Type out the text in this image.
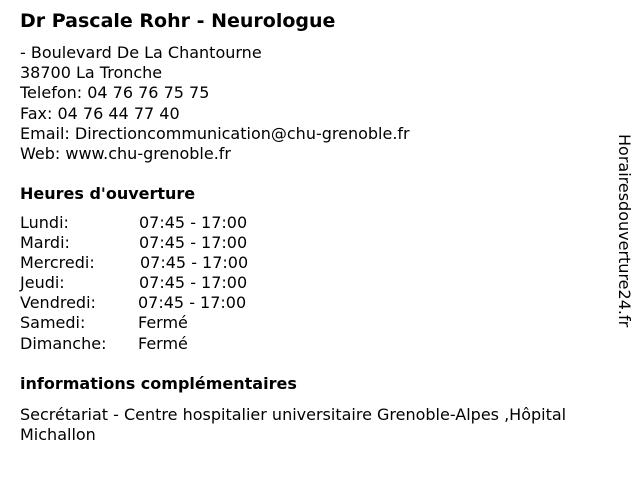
Dr Pascale Rohr - Neurologue
- Boulevard De La Chantourne
38700 La Tronche
Telefon: 04 76 76 75 75
Fax: 04 76 44 77 40
Email: Directioncommunication@chu-grenoble.fr
Web: www.chu-grenoble.fr
Heures d'ouverture
Lundi:	07:45 - 17:00
Mardi:	07:45 - 17:00
Mercredi:	07:45 - 17:00
Jeudi:	07:45 - 17:00
Vendredi:	07:45 - 17:00
Samedi:	Fermé
Dimanche: Fermé
informations complémentaires
Secrétariat - Centre hospitalier universitaire Grenoble-Alpes ,Hôpital Michallon
Horairesdouverture24.fr
